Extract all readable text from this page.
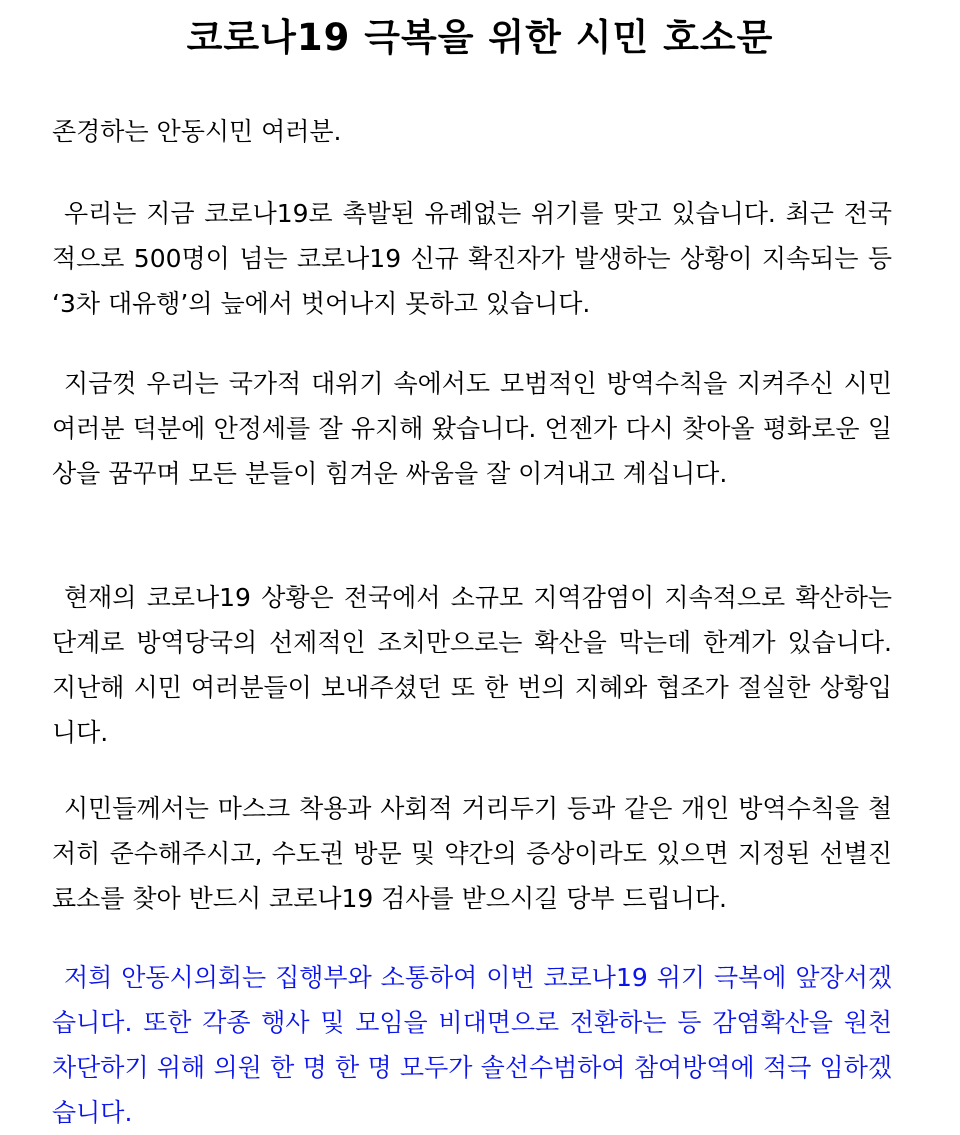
코로나19 극복을 위한 시민 호소문

존경하는 안동시민 여러분.

우리는 지금 코로나19로 촉발된 유례없는 위기를 맞고 있습니다. 최근 전국적으로 500명이 넘는 코로나19 신규 확진자가 발생하는 상황이 지속되는 등 ‘3차 대유행’의 늪에서 벗어나지 못하고 있습니다.

지금껏 우리는 국가적 대위기 속에서도 모범적인 방역수칙을 지켜주신 시민 여러분 덕분에 안정세를 잘 유지해 왔습니다. 언젠가 다시 찾아올 평화로운 일상을 꿈꾸며 모든 분들이 힘겨운 싸움을 잘 이겨내고 계십니다.

현재의 코로나19 상황은 전국에서 소규모 지역감염이 지속적으로 확산하는 단계로 방역당국의 선제적인 조치만으로는 확산을 막는데 한계가 있습니다. 지난해 시민 여러분들이 보내주셨던 또 한 번의 지혜와 협조가 절실한 상황입니다.

시민들께서는 마스크 착용과 사회적 거리두기 등과 같은 개인 방역수칙을 철저히 준수해주시고, 수도권 방문 및 약간의 증상이라도 있으면 지정된 선별진료소를 찾아 반드시 코로나19 검사를 받으시길 당부 드립니다.

저희 안동시의회는 집행부와 소통하여 이번 코로나19 위기 극복에 앞장서겠습니다. 또한 각종 행사 및 모임을 비대면으로 전환하는 등 감염확산을 원천 차단하기 위해 의원 한 명 한 명 모두가 솔선수범하여 참여방역에 적극 임하겠습니다.
